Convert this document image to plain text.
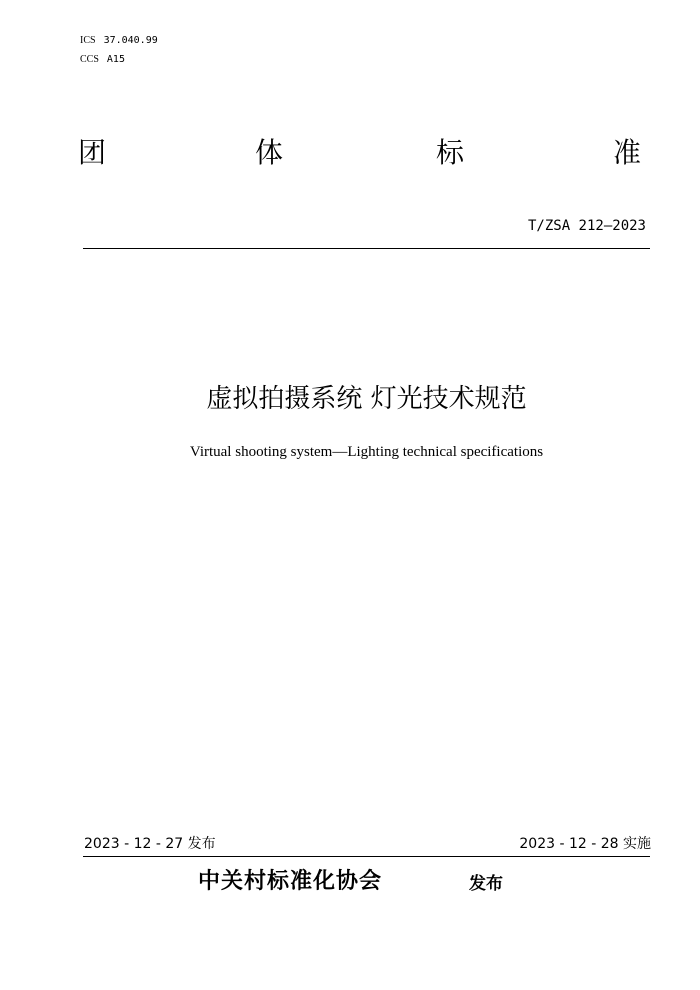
ICS 37.040.99
CCS A15
团	体	标	准
T/ZSA 212—2023
虚拟拍摄系统 灯光技术规范
Virtual shooting system—Lighting technical specifications
2023 - 12 - 27 发布	2023 - 12 - 28 实施
中关村标准化协会	发布
